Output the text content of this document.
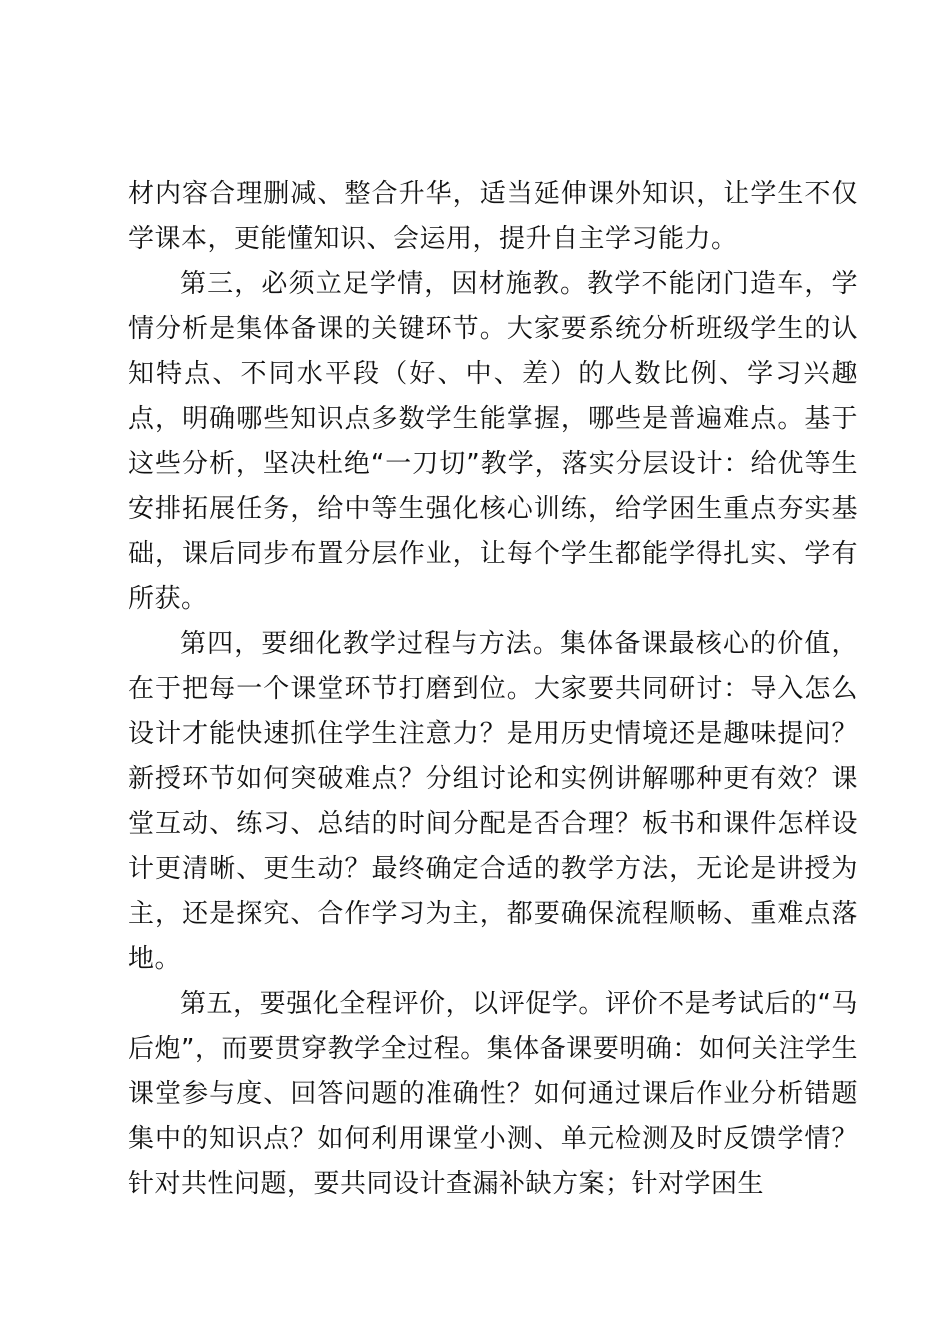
材内容合理删减、整合升华，适当延伸课外知识，让学生不仅学课本，更能懂知识、会运用，提升自主学习能力。

第三，必须立足学情，因材施教。教学不能闭门造车，学情分析是集体备课的关键环节。大家要系统分析班级学生的认知特点、不同水平段（好、中、差）的人数比例、学习兴趣点，明确哪些知识点多数学生能掌握，哪些是普遍难点。基于这些分析，坚决杜绝“一刀切”教学，落实分层设计：给优等生安排拓展任务，给中等生强化核心训练，给学困生重点夯实基础，课后同步布置分层作业，让每个学生都能学得扎实、学有所获。

第四，要细化教学过程与方法。集体备课最核心的价值，在于把每一个课堂环节打磨到位。大家要共同研讨：导入怎么设计才能快速抓住学生注意力？是用历史情境还是趣味提问？新授环节如何突破难点？分组讨论和实例讲解哪种更有效？课堂互动、练习、总结的时间分配是否合理？板书和课件怎样设计更清晰、更生动？最终确定合适的教学方法，无论是讲授为主，还是探究、合作学习为主，都要确保流程顺畅、重难点落地。

第五，要强化全程评价，以评促学。评价不是考试后的“马后炮”，而要贯穿教学全过程。集体备课要明确：如何关注学生课堂参与度、回答问题的准确性？如何通过课后作业分析错题集中的知识点？如何利用课堂小测、单元检测及时反馈学情？针对共性问题，要共同设计查漏补缺方案；针对学困生
